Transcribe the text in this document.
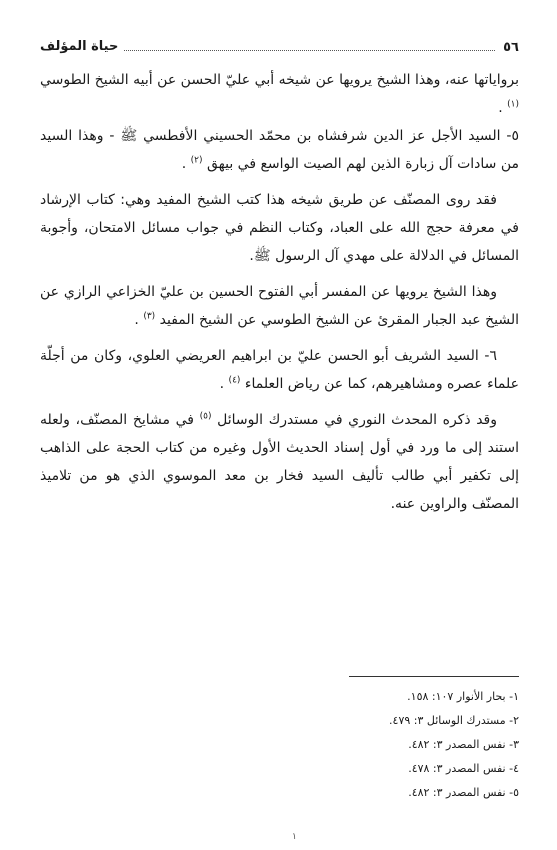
٥٦
حياة المؤلف

برواياتها عنه، وهذا الشيخ يرويها عن شيخه أبي عليّ الحسن عن أبيه الشيخ الطوسي $^{(١)}$ .

٥- السيد الأجل عز الدين شرفشاه بن محمّد الحسيني الأفطسي ﷺ - وهذا السيد من سادات آل زبارة الذين لهم الصيت الواسع في بيهق $^{(٢)}$ .

فقد روى المصنّف عن طريق شيخه هذا كتب الشيخ المفيد وهي: كتاب الإرشاد في معرفة حجج الله على العباد، وكتاب النظم في جواب مسائل الامتحان، وأجوبة المسائل في الدلالة على مهدي آل الرسول ﷺ.

وهذا الشيخ يرويها عن المفسر أبي الفتوح الحسين بن عليّ الخزاعي الرازي عن الشيخ عبد الجبار المقرئ عن الشيخ الطوسي عن الشيخ المفيد $^{(٣)}$ .

٦- السيد الشريف أبو الحسن عليّ بن ابراهيم العريضي العلوي، وكان من أجلّة علماء عصره ومشاهيرهم، كما عن رياض العلماء $^{(٤)}$ .

وقد ذكره المحدث النوري في مستدرك الوسائل $^{(٥)}$ في مشايخ المصنّف، ولعله استند إلى ما ورد في أول إسناد الحديث الأول وغيره من كتاب الحجة على الذاهب إلى تكفير أبي طالب تأليف السيد فخار بن معد الموسوي الذي هو من تلاميذ المصنّف والراوين عنه.

١- بحار الأنوار ١٠٧: ١٥٨.
٢- مستدرك الوسائل ٣: ٤٧٩.
٣- نفس المصدر ٣: ٤٨٢.
٤- نفس المصدر ٣: ٤٧٨.
٥- نفس المصدر ٣: ٤٨٢.
١
